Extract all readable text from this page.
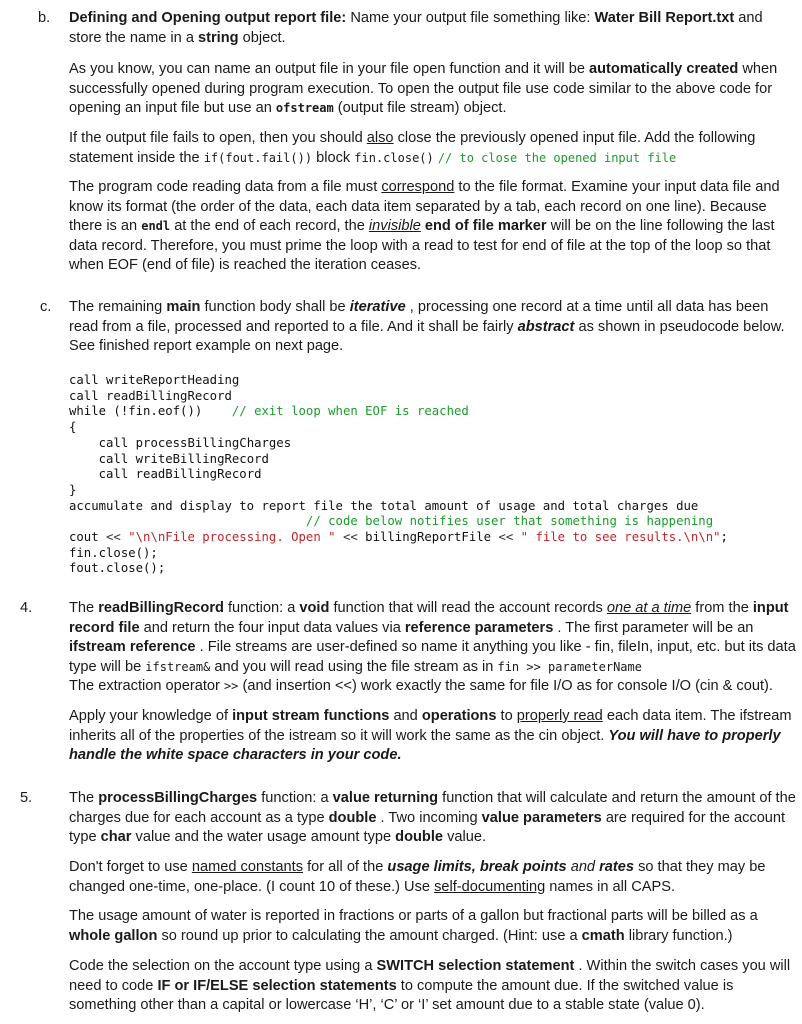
b. Defining and Opening output report file: Name your output file something like: Water Bill Report.txt and store the name in a string object.
As you know, you can name an output file in your file open function and it will be automatically created when successfully opened during program execution. To open the output file use code similar to the above code for opening an input file but use an ofstream (output file stream) object.
If the output file fails to open, then you should also close the previously opened input file. Add the following statement inside the if(fout.fail()) block fin.close() // to close the opened input file
The program code reading data from a file must correspond to the file format. Examine your input data file and know its format (the order of the data, each data item separated by a tab, each record on one line). Because there is an endl at the end of each record, the invisible end of file marker will be on the line following the last data record. Therefore, you must prime the loop with a read to test for end of file at the top of the loop so that when EOF (end of file) is reached the iteration ceases.
c. The remaining main function body shall be iterative , processing one record at a time until all data has been read from a file, processed and reported to a file. And it shall be fairly abstract as shown in pseudocode below. See finished report example on next page.
call writeReportHeading
call readBillingRecord
while (!fin.eof()) // exit loop when EOF is reached
{
call processBillingCharges
call writeBillingRecord
call readBillingRecord
}
accumulate and display to report file the total amount of usage and total charges due
// code below notifies user that something is happening
cout << "\n\nFile processing. Open " << billingReportFile << " file to see results.\n\n";
fin.close();
fout.close();
4.	The readBillingRecord function: a void function that will read the account records one at a time from the input record file and return the four input data values via reference parameters . The first parameter will be an ifstream reference . File streams are user-defined so name it anything you like - fin, fileIn, input, etc. but its data type will be ifstream& and you will read using the file stream as in fin >> parameterName
The extraction operator >> (and insertion <<) work exactly the same for file I/O as for console I/O (cin & cout).
Apply your knowledge of input stream functions and operations to properly read each data item. The ifstream inherits all of the properties of the istream so it will work the same as the cin object. You will have to properly handle the white space characters in your code.
5.	The processBillingCharges function: a value returning function that will calculate and return the amount of the charges due for each account as a type double . Two incoming value parameters are required for the account type char value and the water usage amount type double value.
Don't forget to use named constants for all of the usage limits, break points and rates so that they may be changed one-time, one-place. (I count 10 of these.) Use self-documenting names in all CAPS.
The usage amount of water is reported in fractions or parts of a gallon but fractional parts will be billed as a whole gallon so round up prior to calculating the amount charged. (Hint: use a cmath library function.)
Code the selection on the account type using a SWITCH selection statement . Within the switch cases you will need to code IF or IF/ELSE selection statements to compute the amount due. If the switched value is something other than a capital or lowercase ‘H’, ‘C’ or ‘I’ set amount due to a stable state (value 0).
